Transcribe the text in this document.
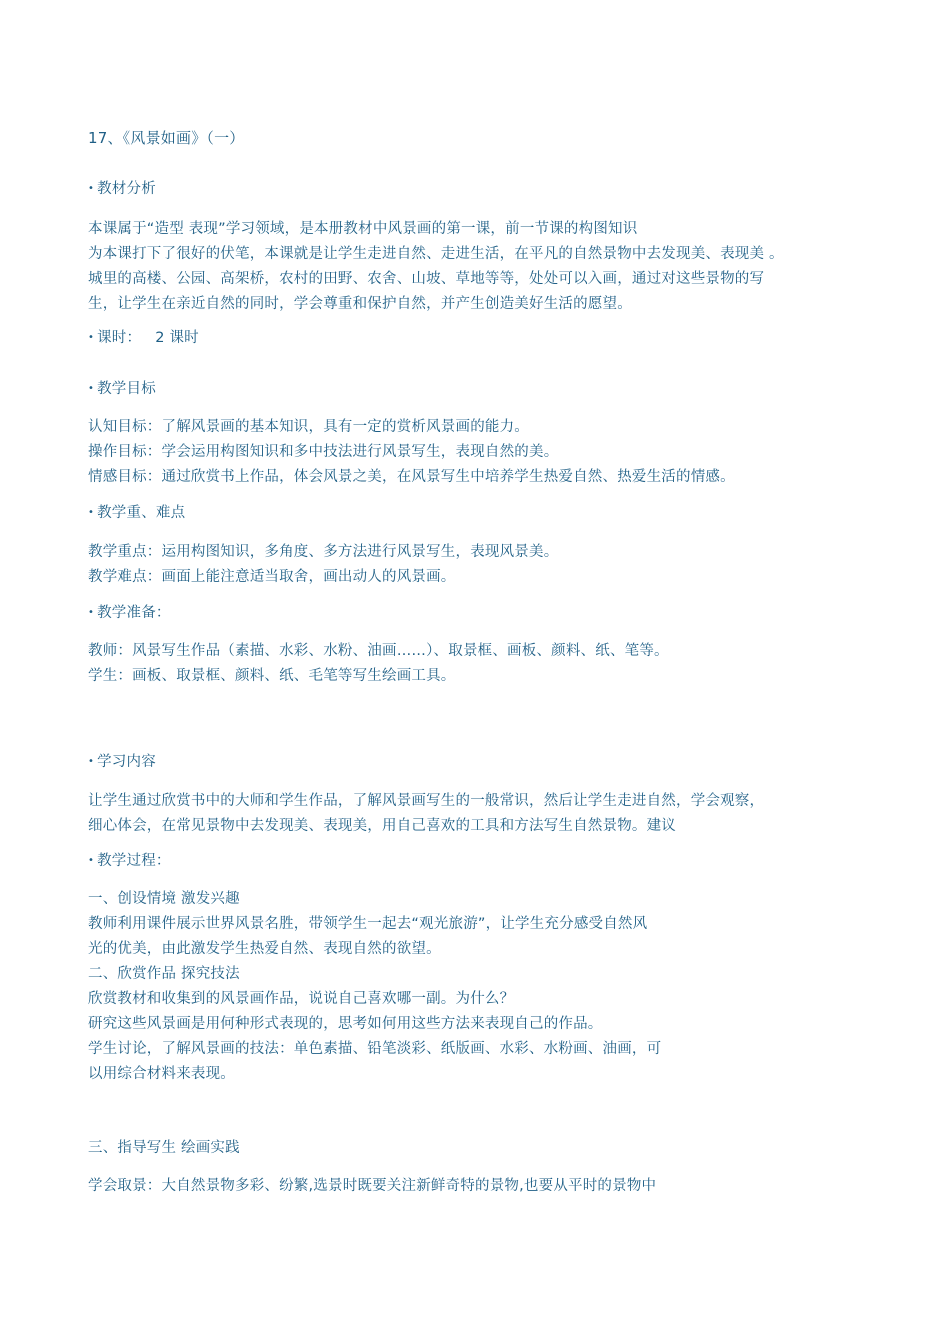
17、《风景如画》（一）
• 教材分析
本课属于“造型 表现”学习领域，是本册教材中风景画的第一课，前一节课的构图知识
为本课打下了很好的伏笔，本课就是让学生走进自然、走进生活，在平凡的自然景物中去发现美、表现美 。
城里的高楼、公园、高架桥，农村的田野、农舍、山坡、草地等等，处处可以入画，通过对这些景物的写
生，让学生在亲近自然的同时，学会尊重和保护自然，并产生创造美好生活的愿望。
• 课时： 2 课时
• 教学目标
认知目标：了解风景画的基本知识，具有一定的赏析风景画的能力。
操作目标：学会运用构图知识和多中技法进行风景写生，表现自然的美。
情感目标：通过欣赏书上作品，体会风景之美，在风景写生中培养学生热爱自然、热爱生活的情感。
• 教学重、难点
教学重点：运用构图知识，多角度、多方法进行风景写生，表现风景美。
教学难点：画面上能注意适当取舍，画出动人的风景画。
• 教学准备：
教师：风景写生作品（素描、水彩、水粉、油画……）、取景框、画板、颜料、纸、笔等。
学生：画板、取景框、颜料、纸、毛笔等写生绘画工具。
• 学习内容
让学生通过欣赏书中的大师和学生作品，了解风景画写生的一般常识，然后让学生走进自然，学会观察，
细心体会，在常见景物中去发现美、表现美，用自己喜欢的工具和方法写生自然景物。建议
• 教学过程：
一、创设情境 激发兴趣
教师利用课件展示世界风景名胜，带领学生一起去“观光旅游”，让学生充分感受自然风
光的优美，由此激发学生热爱自然、表现自然的欲望。
二、欣赏作品 探究技法
欣赏教材和收集到的风景画作品，说说自己喜欢哪一副。为什么？
研究这些风景画是用何种形式表现的，思考如何用这些方法来表现自己的作品。
学生讨论，了解风景画的技法：单色素描、铅笔淡彩、纸版画、水彩、水粉画、油画，可
以用综合材料来表现。
三、指导写生 绘画实践
学会取景：大自然景物多彩、纷繁,选景时既要关注新鲜奇特的景物,也要从平时的景物中
